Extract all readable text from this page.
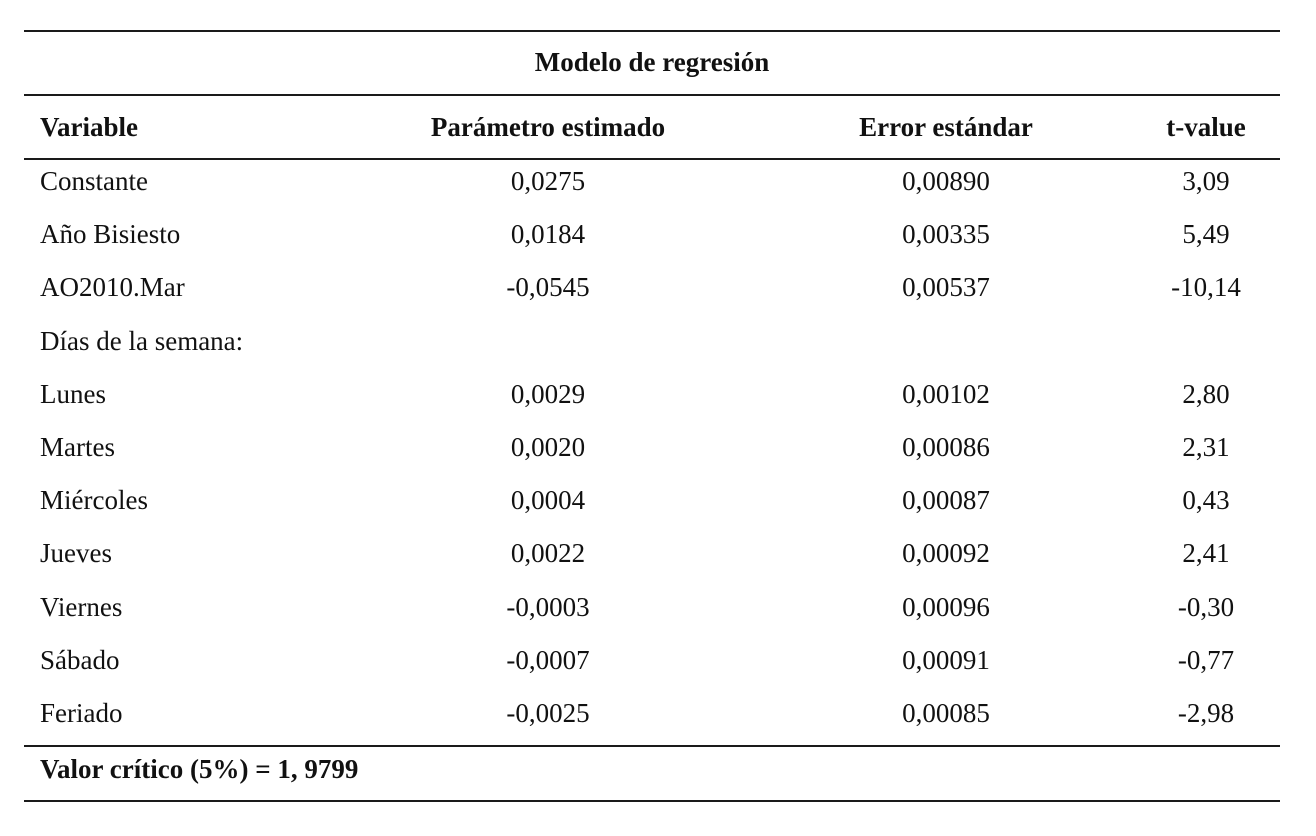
Modelo de regresión
Variable	Parámetro estimado	Error estándar	t-value
Constante	0,0275	0,00890	3,09
Año Bisiesto	0,0184	0,00335	5,49
AO2010.Mar	-0,0545	0,00537	-10,14
Días de la semana:
Lunes	0,0029	0,00102	2,80
Martes	0,0020	0,00086	2,31
Miércoles	0,0004	0,00087	0,43
Jueves	0,0022	0,00092	2,41
Viernes	-0,0003	0,00096	-0,30
Sábado	-0,0007	0,00091	-0,77
Feriado	-0,0025	0,00085	-2,98
Valor crítico (5%) = 1, 9799
